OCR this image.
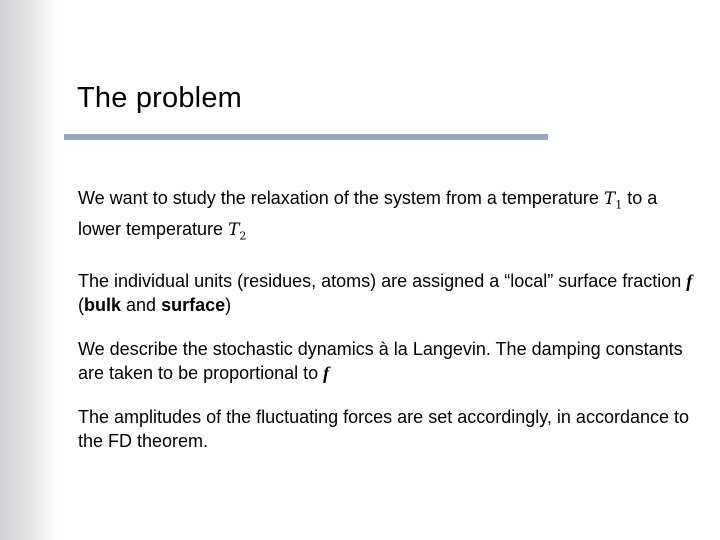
The problem

We want to study the relaxation of the system from a temperature $T_1$ to a lower temperature $T_2$

The individual units (residues, atoms) are assigned a “local” surface fraction f (bulk and surface)

We describe the stochastic dynamics à la Langevin. The damping constants are taken to be proportional to f

The amplitudes of the fluctuating forces are set accordingly, in accordance to the FD theorem.
